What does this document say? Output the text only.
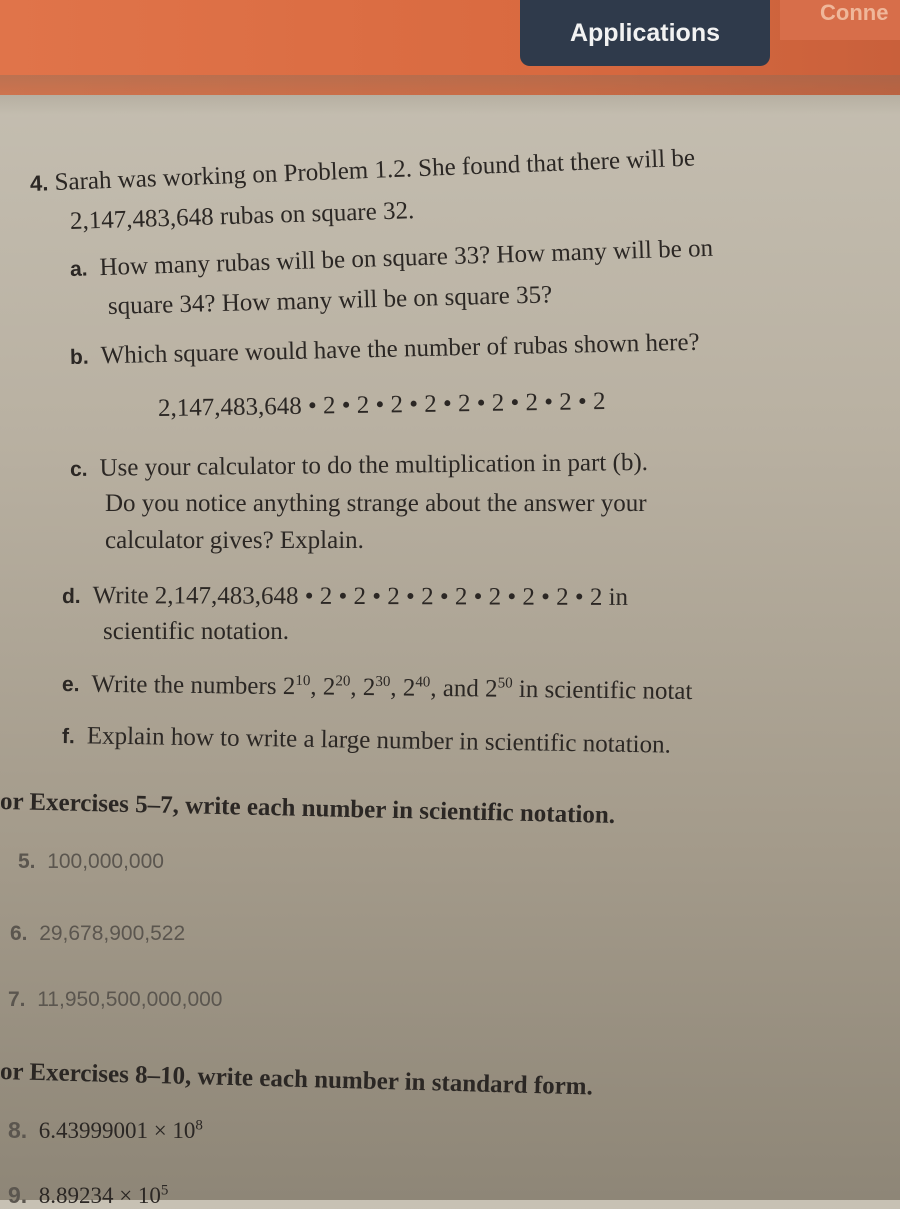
Applications
Conne
4. Sarah was working on Problem 1.2. She found that there will be
2,147,483,648 rubas on square 32.
a. How many rubas will be on square 33? How many will be on
square 34? How many will be on square 35?
b. Which square would have the number of rubas shown here?
2,147,483,648 • 2 • 2 • 2 • 2 • 2 • 2 • 2 • 2 • 2
c. Use your calculator to do the multiplication in part (b).
Do you notice anything strange about the answer your
calculator gives? Explain.
d. Write 2,147,483,648 • 2 • 2 • 2 • 2 • 2 • 2 • 2 • 2 • 2 in
scientific notation.
e. Write the numbers $2^{10}$, $2^{20}$, $2^{30}$, $2^{40}$, and $2^{50}$ in scientific notat
f. Explain how to write a large number in scientific notation.
or Exercises 5–7, write each number in scientific notation.
5. 100,000,000
6. 29,678,900,522
7. 11,950,500,000,000
or Exercises 8–10, write each number in standard form.
8. $6.43999001 \times 10^8$
9. $8.89234 \times 10^5$
